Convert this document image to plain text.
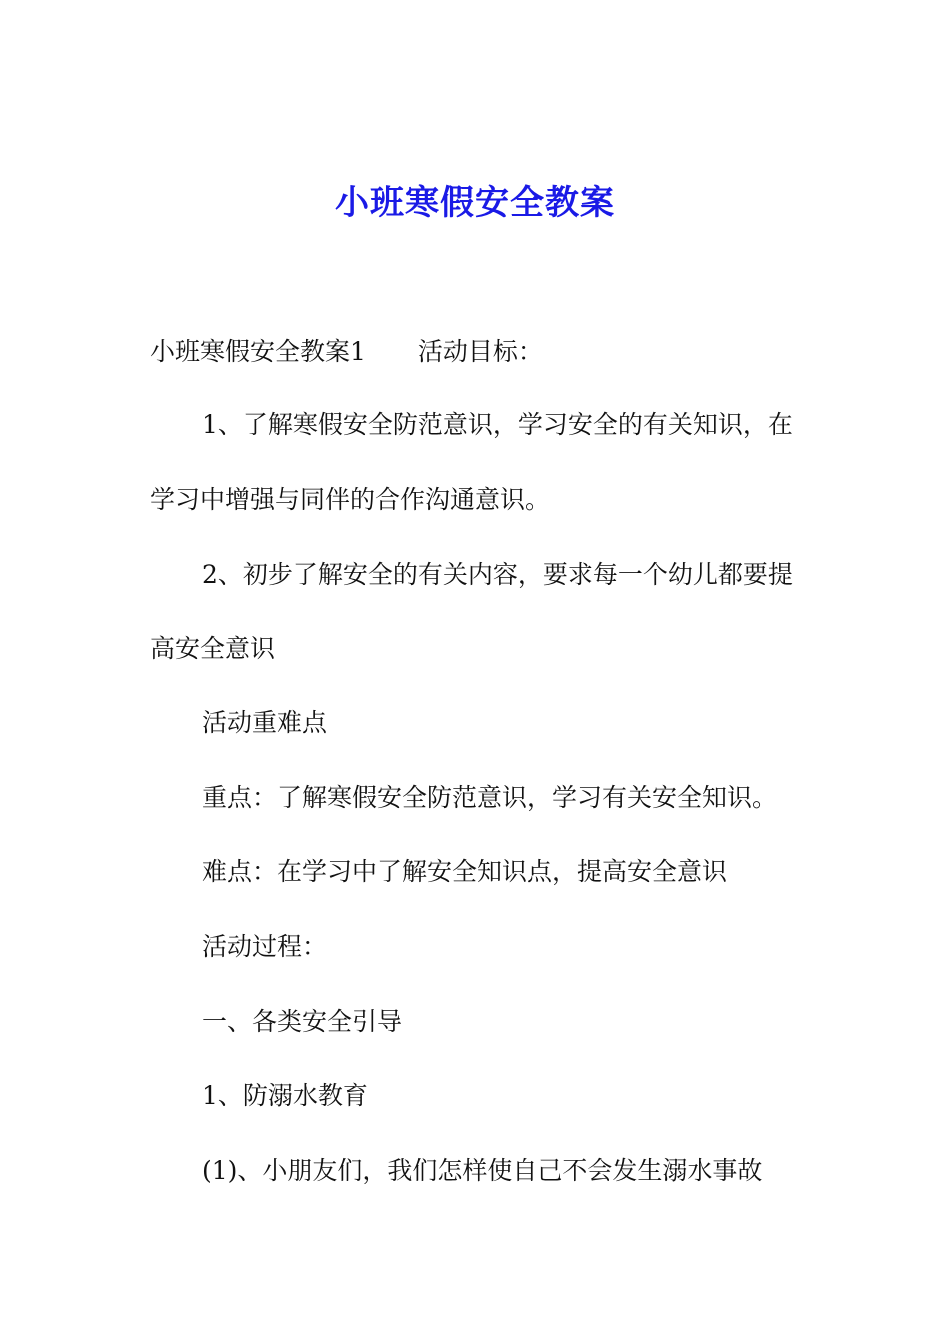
小班寒假安全教案
小班寒假安全教案1 活动目标：
1、了解寒假安全防范意识，学习安全的有关知识，在
学习中增强与同伴的合作沟通意识。
2、初步了解安全的有关内容，要求每一个幼儿都要提
高安全意识
活动重难点
重点：了解寒假安全防范意识，学习有关安全知识。
难点：在学习中了解安全知识点，提高安全意识
活动过程：
一、各类安全引导
1、防溺水教育
(1)、小朋友们，我们怎样使自己不会发生溺水事故
